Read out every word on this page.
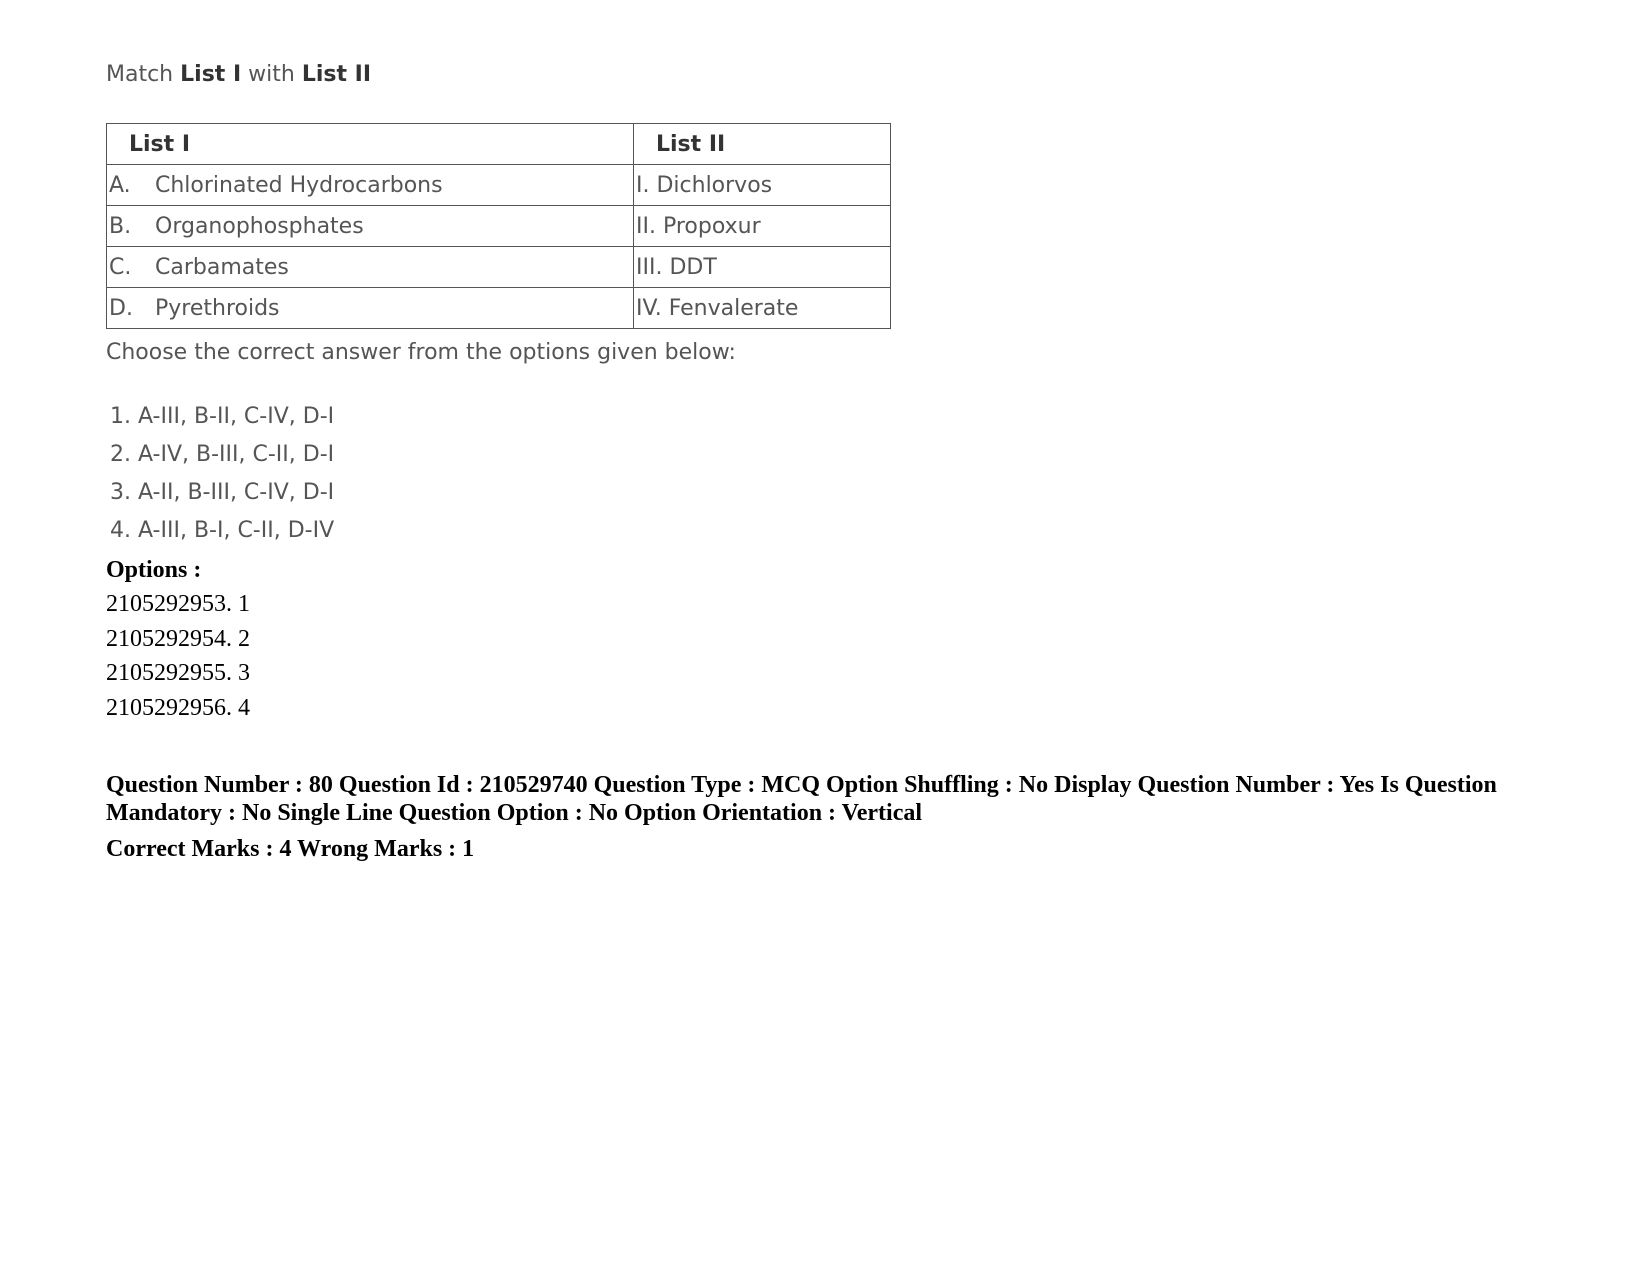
Match List I with List II

List I	List II
A. Chlorinated Hydrocarbons	I. Dichlorvos
B. Organophosphates	II. Propoxur
C. Carbamates	III. DDT
D. Pyrethroids	IV. Fenvalerate

Choose the correct answer from the options given below:

1. A-III, B-II, C-IV, D-I
2. A-IV, B-III, C-II, D-I
3. A-II, B-III, C-IV, D-I
4. A-III, B-I, C-II, D-IV

Options :

2105292953. 1
2105292954. 2
2105292955. 3
2105292956. 4

Question Number : 80 Question Id : 210529740 Question Type : MCQ Option Shuffling : No Display Question Number : Yes Is Question Mandatory : No Single Line Question Option : No Option Orientation : Vertical

Correct Marks : 4 Wrong Marks : 1
